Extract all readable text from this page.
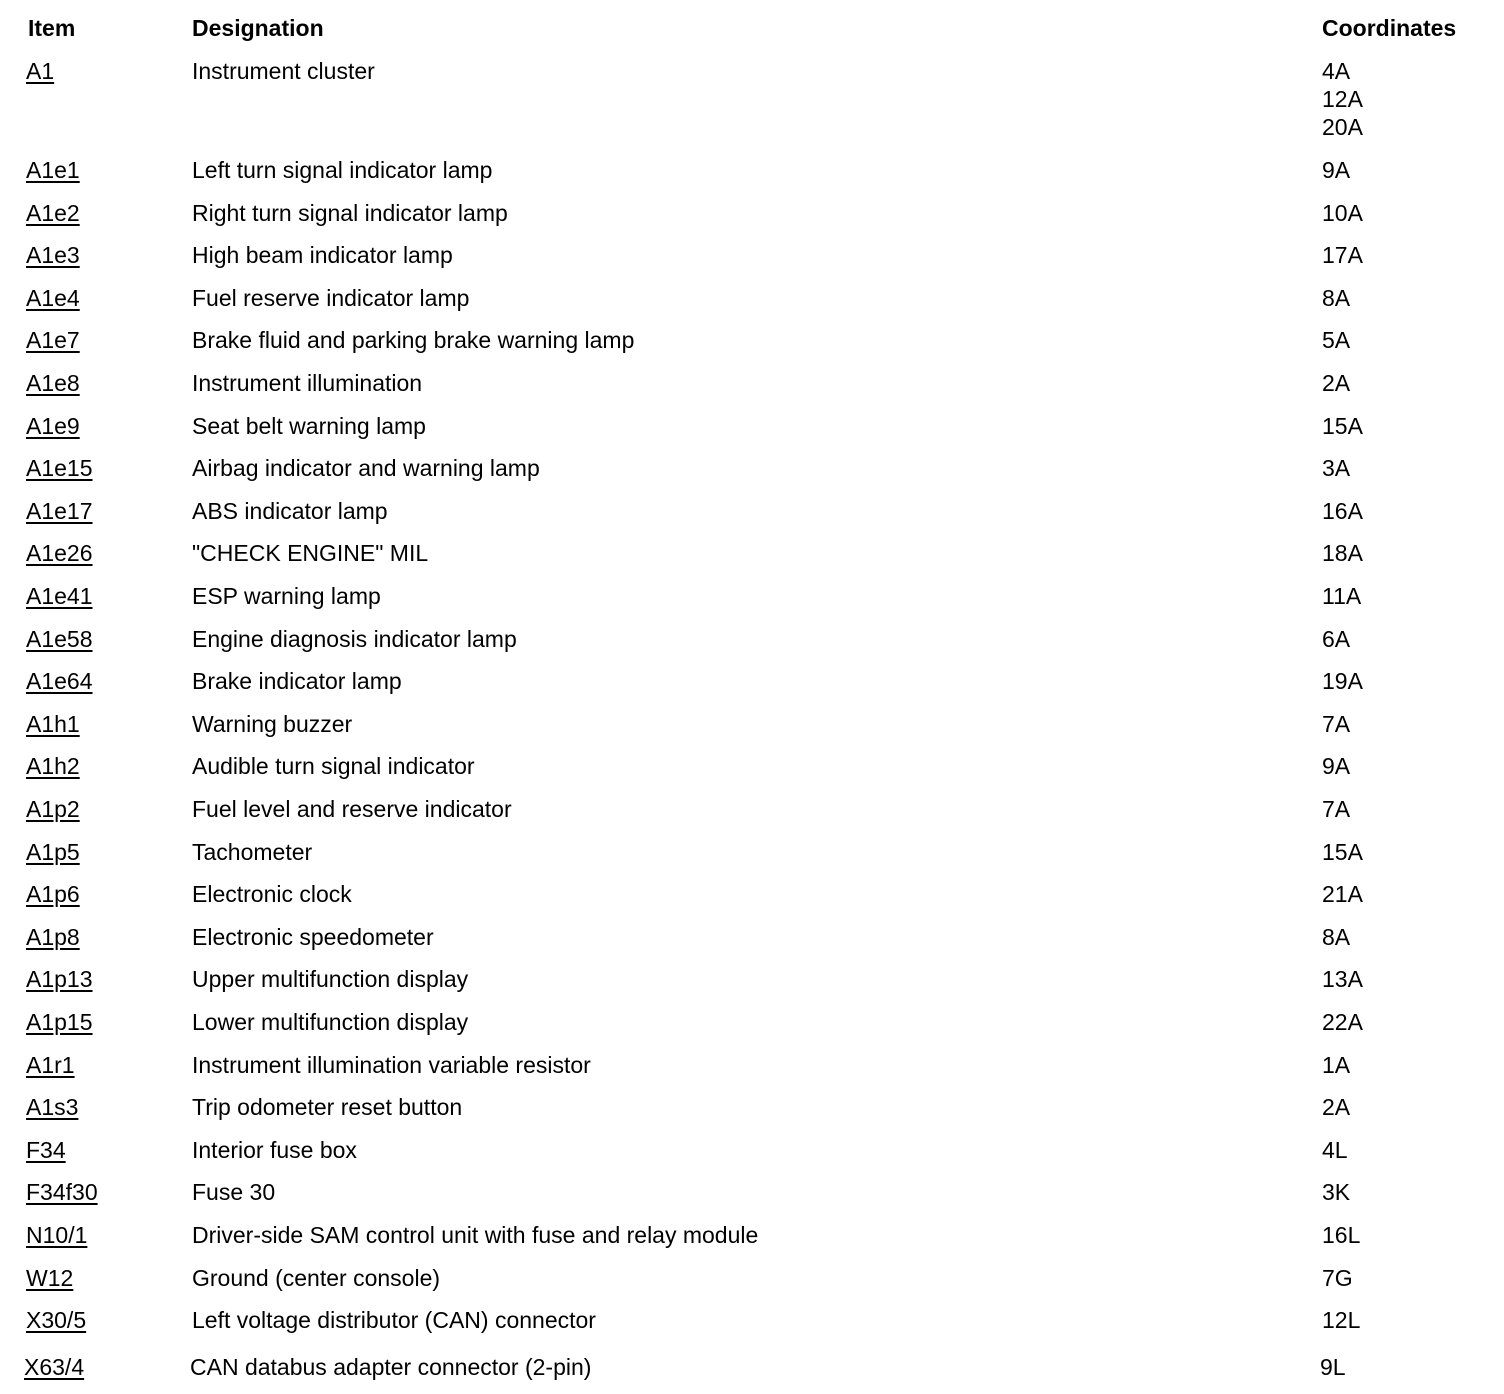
Item	Designation	Coordinates
A1	Instrument cluster	4A
12A
20A
A1e1	Left turn signal indicator lamp	9A
A1e2	Right turn signal indicator lamp	10A
A1e3	High beam indicator lamp	17A
A1e4	Fuel reserve indicator lamp	8A
A1e7	Brake fluid and parking brake warning lamp	5A
A1e8	Instrument illumination	2A
A1e9	Seat belt warning lamp	15A
A1e15	Airbag indicator and warning lamp	3A
A1e17	ABS indicator lamp	16A
A1e26	"CHECK ENGINE" MIL	18A
A1e41	ESP warning lamp	11A
A1e58	Engine diagnosis indicator lamp	6A
A1e64	Brake indicator lamp	19A
A1h1	Warning buzzer	7A
A1h2	Audible turn signal indicator	9A
A1p2	Fuel level and reserve indicator	7A
A1p5	Tachometer	15A
A1p6	Electronic clock	21A
A1p8	Electronic speedometer	8A
A1p13	Upper multifunction display	13A
A1p15	Lower multifunction display	22A
A1r1	Instrument illumination variable resistor	1A
A1s3	Trip odometer reset button	2A
F34	Interior fuse box	4L
F34f30	Fuse 30	3K
N10/1	Driver-side SAM control unit with fuse and relay module	16L
W12	Ground (center console)	7G
X30/5	Left voltage distributor (CAN) connector	12L
X63/4	CAN databus adapter connector (2-pin)	9L
